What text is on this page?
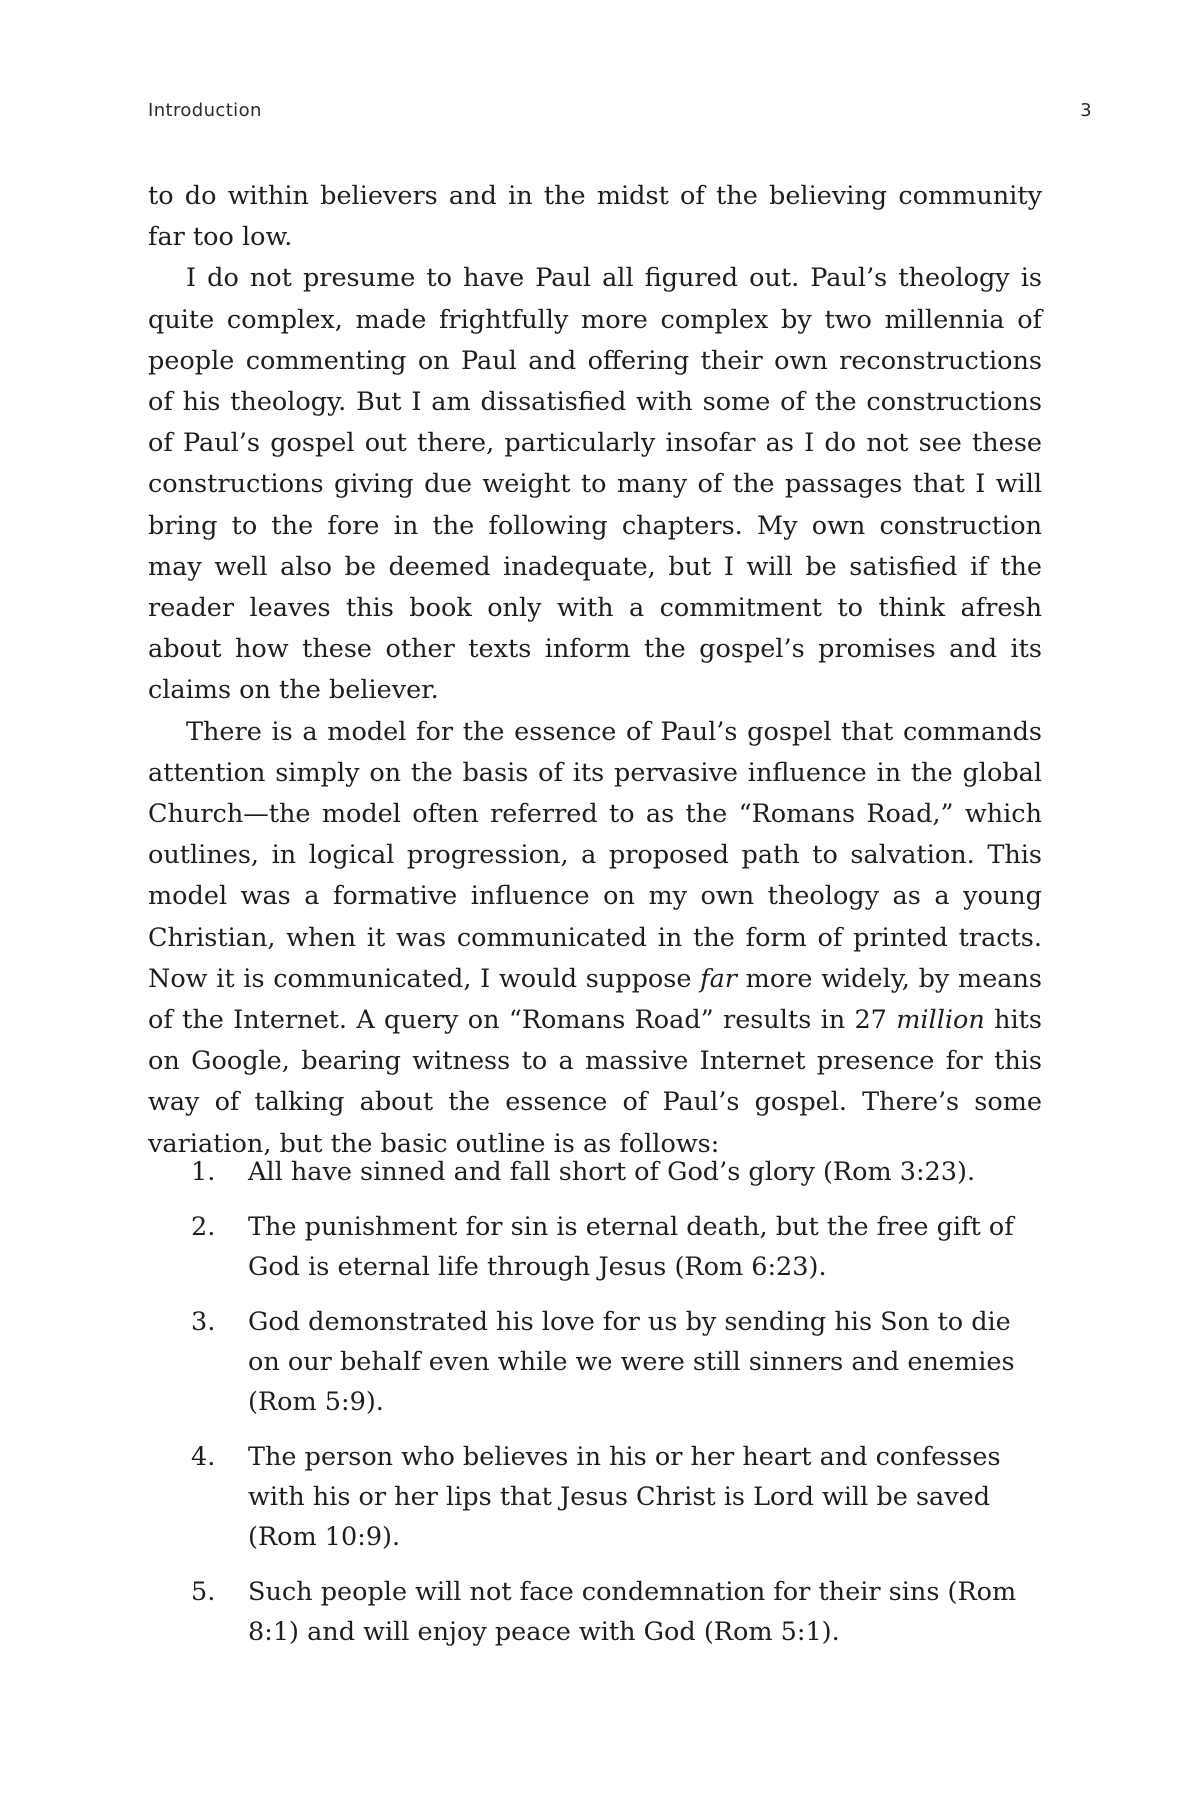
Introduction	3

to do within believers and in the midst of the believing community far too low.

I do not presume to have Paul all figured out. Paul’s theology is quite complex, made frightfully more complex by two millennia of people commenting on Paul and offering their own reconstructions of his theology. But I am dissatisfied with some of the constructions of Paul’s gospel out there, particularly insofar as I do not see these constructions giving due weight to many of the passages that I will bring to the fore in the following chapters. My own construction may well also be deemed inadequate, but I will be satisfied if the reader leaves this book only with a commitment to think afresh about how these other texts inform the gospel’s promises and its claims on the believer.

There is a model for the essence of Paul’s gospel that commands attention simply on the basis of its pervasive influence in the global Church—the model often referred to as the “Romans Road,” which outlines, in logical progression, a proposed path to salvation. This model was a formative influence on my own theology as a young Christian, when it was communicated in the form of printed tracts. Now it is communicated, I would suppose far more widely, by means of the Internet. A query on “Romans Road” results in 27 million hits on Google, bearing witness to a massive Internet presence for this way of talking about the essence of Paul’s gospel. There’s some variation, but the basic outline is as follows:

1.	All have sinned and fall short of God’s glory (Rom 3:23).
2.	The punishment for sin is eternal death, but the free gift of God is eternal life through Jesus (Rom 6:23).
3.	God demonstrated his love for us by sending his Son to die on our behalf even while we were still sinners and enemies (Rom 5:9).
4.	The person who believes in his or her heart and confesses with his or her lips that Jesus Christ is Lord will be saved (Rom 10:9).
5.	Such people will not face condemnation for their sins (Rom 8:1) and will enjoy peace with God (Rom 5:1).
